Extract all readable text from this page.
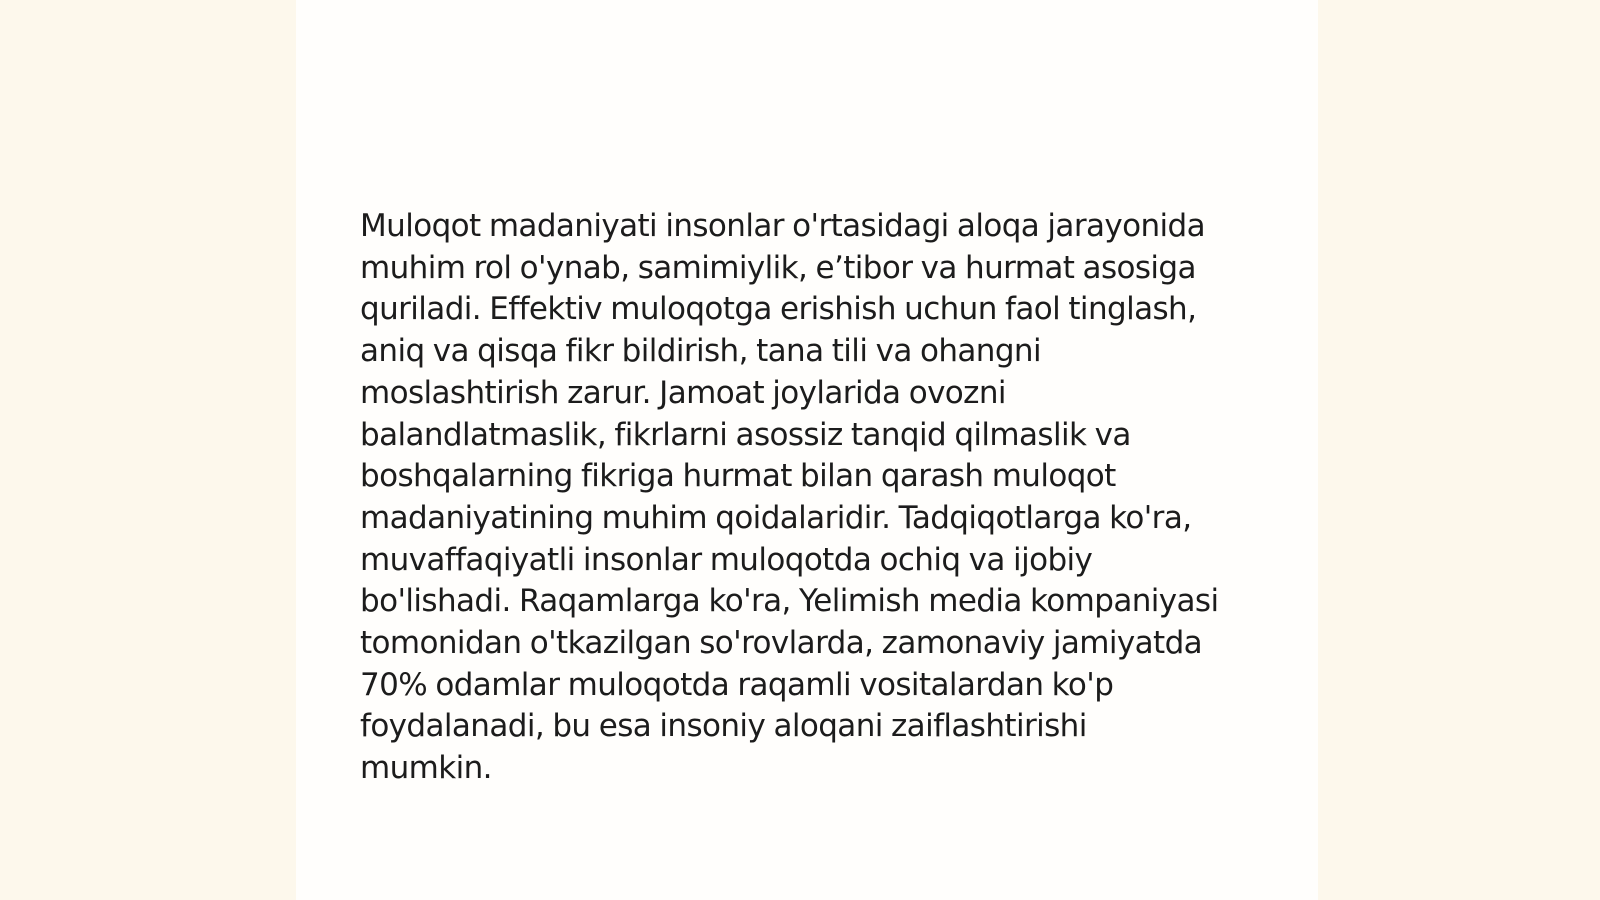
Muloqot madaniyati insonlar o'rtasidagi aloqa jarayonida muhim rol o'ynab, samimiylik, e’tibor va hurmat asosiga quriladi. Effektiv muloqotga erishish uchun faol tinglash, aniq va qisqa fikr bildirish, tana tili va ohangni moslashtirish zarur. Jamoat joylarida ovozni balandlatmaslik, fikrlarni asossiz tanqid qilmaslik va boshqalarning fikriga hurmat bilan qarash muloqot madaniyatining muhim qoidalaridir. Tadqiqotlarga ko'ra, muvaffaqiyatli insonlar muloqotda ochiq va ijobiy bo'lishadi. Raqamlarga ko'ra, Yelimish media kompaniyasi tomonidan o'tkazilgan so'rovlarda, zamonaviy jamiyatda 70% odamlar muloqotda raqamli vositalardan ko'p foydalanadi, bu esa insoniy aloqani zaiflashtirishi mumkin.
